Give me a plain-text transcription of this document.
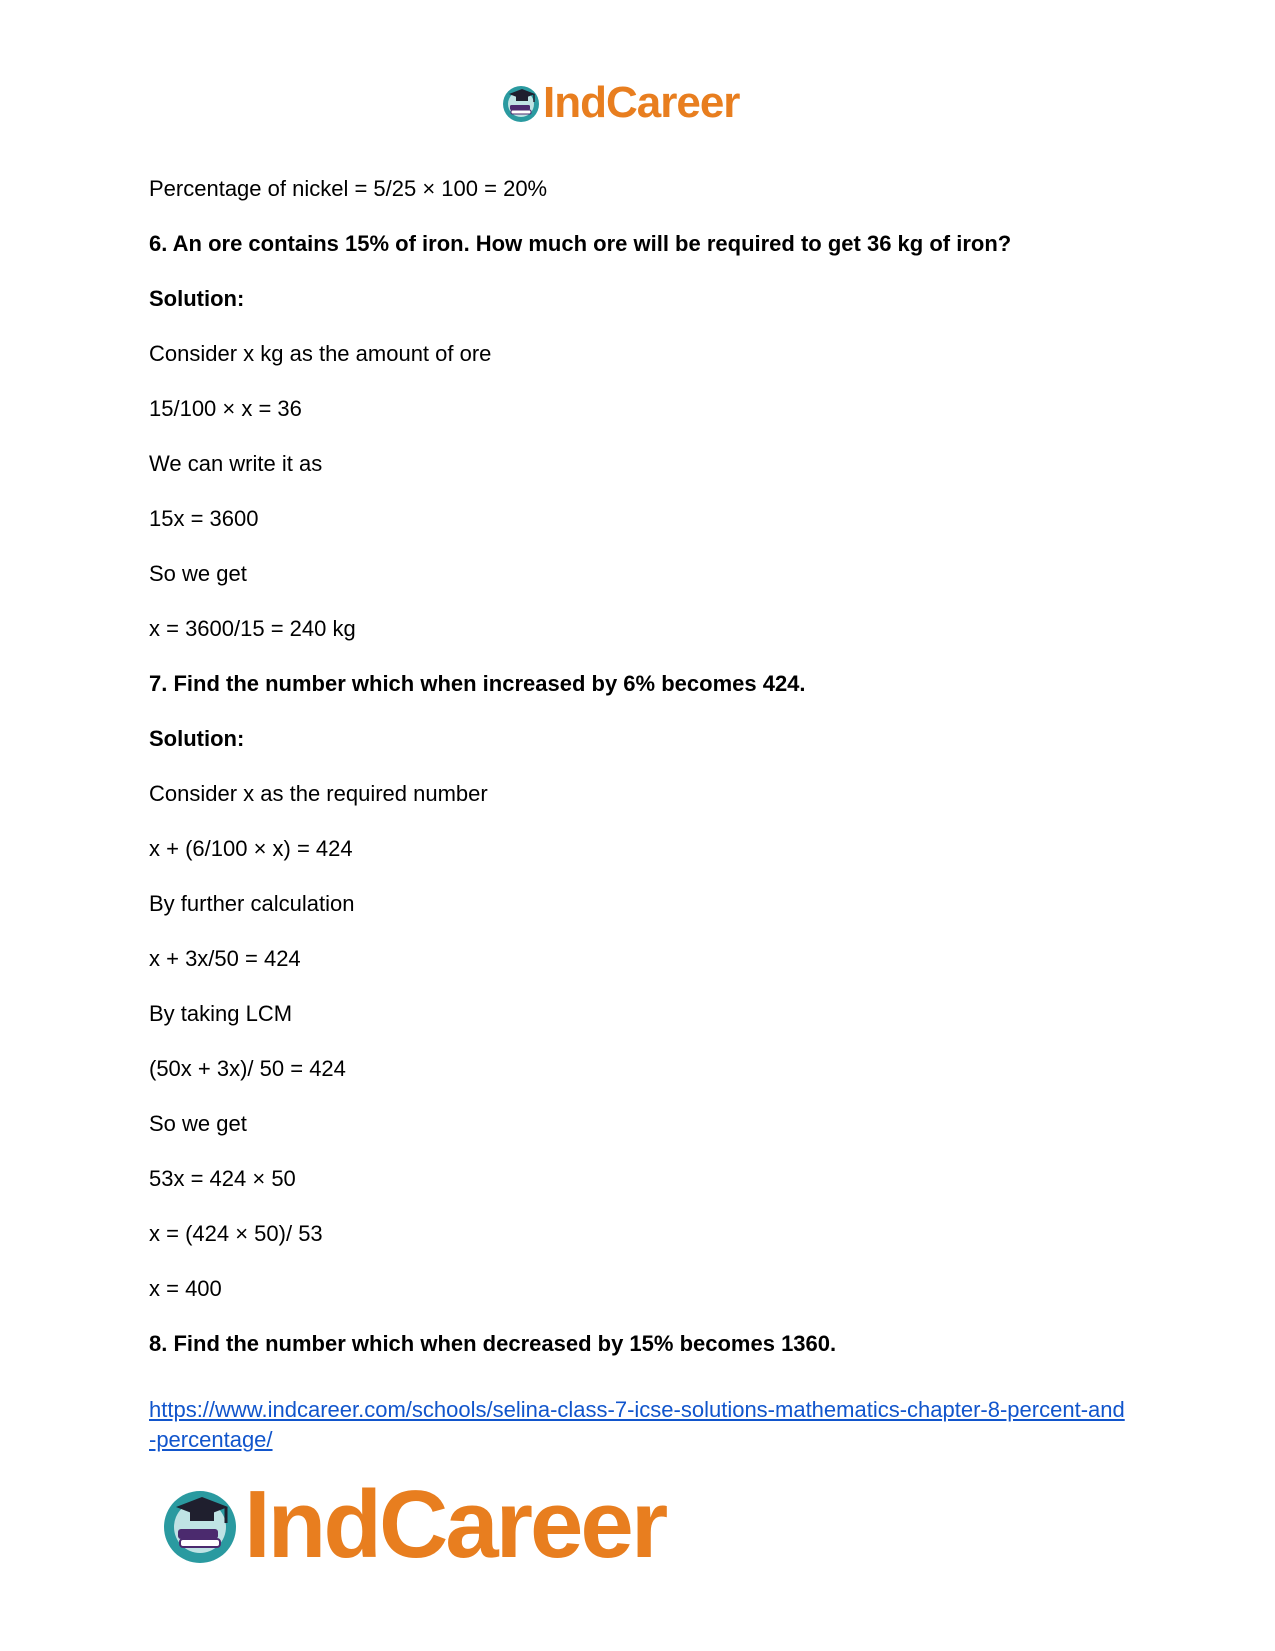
IndCareer

Percentage of nickel = 5/25 × 100 = 20%

6. An ore contains 15% of iron. How much ore will be required to get 36 kg of iron?

Solution:

Consider x kg as the amount of ore

15/100 × x = 36

We can write it as

15x = 3600

So we get

x = 3600/15 = 240 kg

7. Find the number which when increased by 6% becomes 424.

Solution:

Consider x as the required number

x + (6/100 × x) = 424

By further calculation

x + 3x/50 = 424

By taking LCM

(50x + 3x)/ 50 = 424

So we get

53x = 424 × 50

x = (424 × 50)/ 53

x = 400

8. Find the number which when decreased by 15% becomes 1360.

https://www.indcareer.com/schools/selina-class-7-icse-solutions-mathematics-chapter-8-percent-and-percentage/
IndCareer
